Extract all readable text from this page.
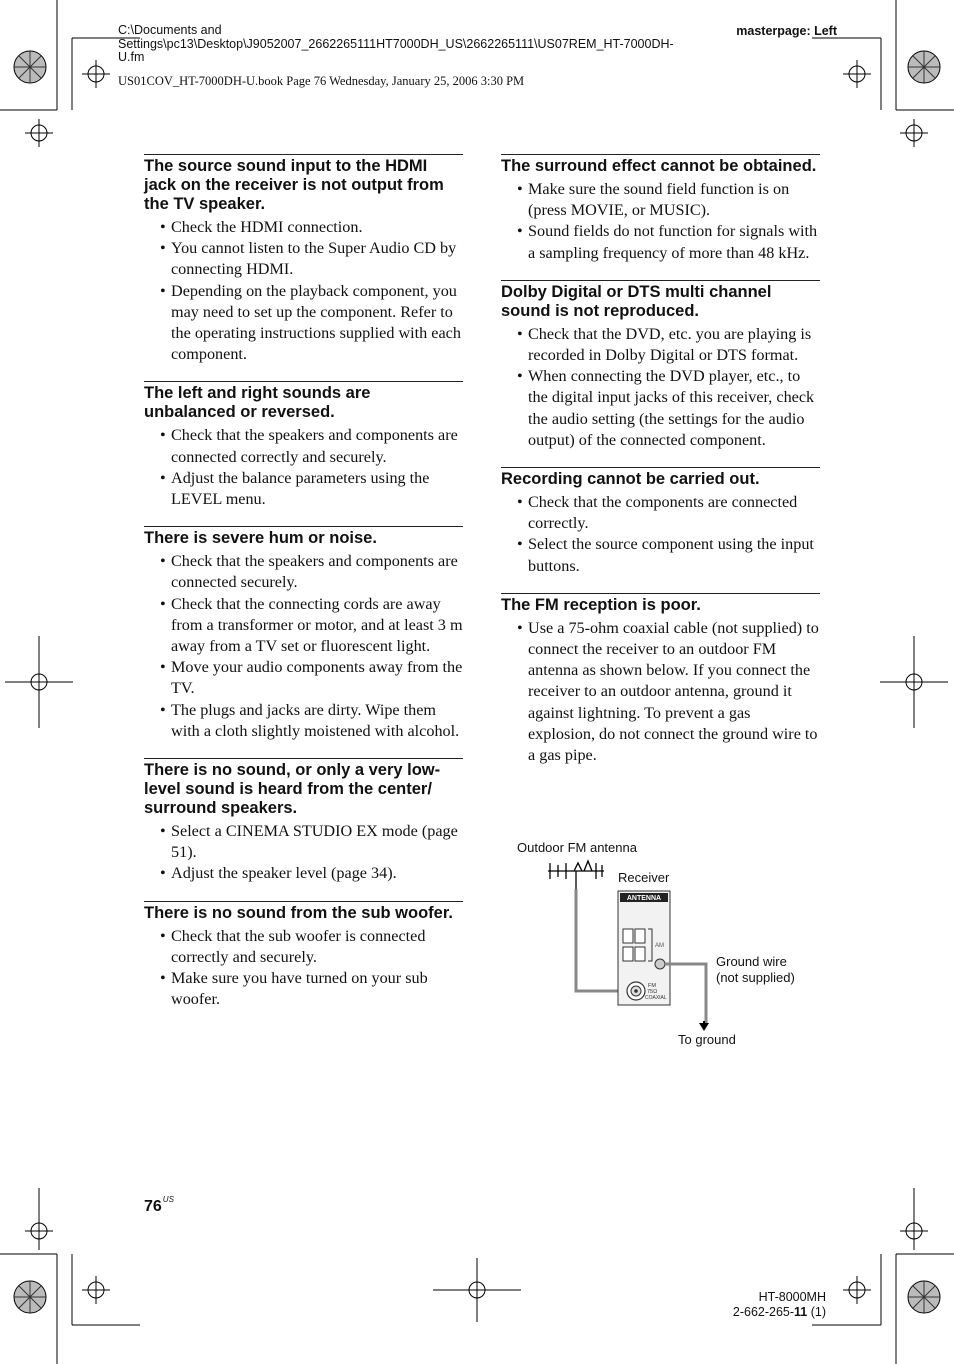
C:\Documents and Settings\pc13\Desktop\J9052007_2662265111HT7000DH_US\2662265111\US07REM_HT-7000DH-U.fm
masterpage: Left
US01COV_HT-7000DH-U.book Page 76 Wednesday, January 25, 2006 3:30 PM
The source sound input to the HDMI jack on the receiver is not output from the TV speaker.
• Check the HDMI connection.
• You cannot listen to the Super Audio CD by connecting HDMI.
• Depending on the playback component, you may need to set up the component. Refer to the operating instructions supplied with each component.
The left and right sounds are unbalanced or reversed.
• Check that the speakers and components are connected correctly and securely.
• Adjust the balance parameters using the LEVEL menu.
There is severe hum or noise.
• Check that the speakers and components are connected securely.
• Check that the connecting cords are away from a transformer or motor, and at least 3 m away from a TV set or fluorescent light.
• Move your audio components away from the TV.
• The plugs and jacks are dirty. Wipe them with a cloth slightly moistened with alcohol.
There is no sound, or only a very low-level sound is heard from the center/ surround speakers.
• Select a CINEMA STUDIO EX mode (page 51).
• Adjust the speaker level (page 34).
There is no sound from the sub woofer.
• Check that the sub woofer is connected correctly and securely.
• Make sure you have turned on your sub woofer.
The surround effect cannot be obtained.
• Make sure the sound field function is on (press MOVIE, or MUSIC).
• Sound fields do not function for signals with a sampling frequency of more than 48 kHz.
Dolby Digital or DTS multi channel sound is not reproduced.
• Check that the DVD, etc. you are playing is recorded in Dolby Digital or DTS format.
• When connecting the DVD player, etc., to the digital input jacks of this receiver, check the audio setting (the settings for the audio output) of the connected component.
Recording cannot be carried out.
• Check that the components are connected correctly.
• Select the source component using the input buttons.
The FM reception is poor.
• Use a 75-ohm coaxial cable (not supplied) to connect the receiver to an outdoor FM antenna as shown below. If you connect the receiver to an outdoor antenna, ground it against lightning. To prevent a gas explosion, do not connect the ground wire to a gas pipe.
Outdoor FM antenna
Receiver
Ground wire
(not supplied)
To ground
ANTENNA
AM
FM
75Ω
COAXIAL
$76^{US}$
HT-8000MH
2-662-265-11 (1)
